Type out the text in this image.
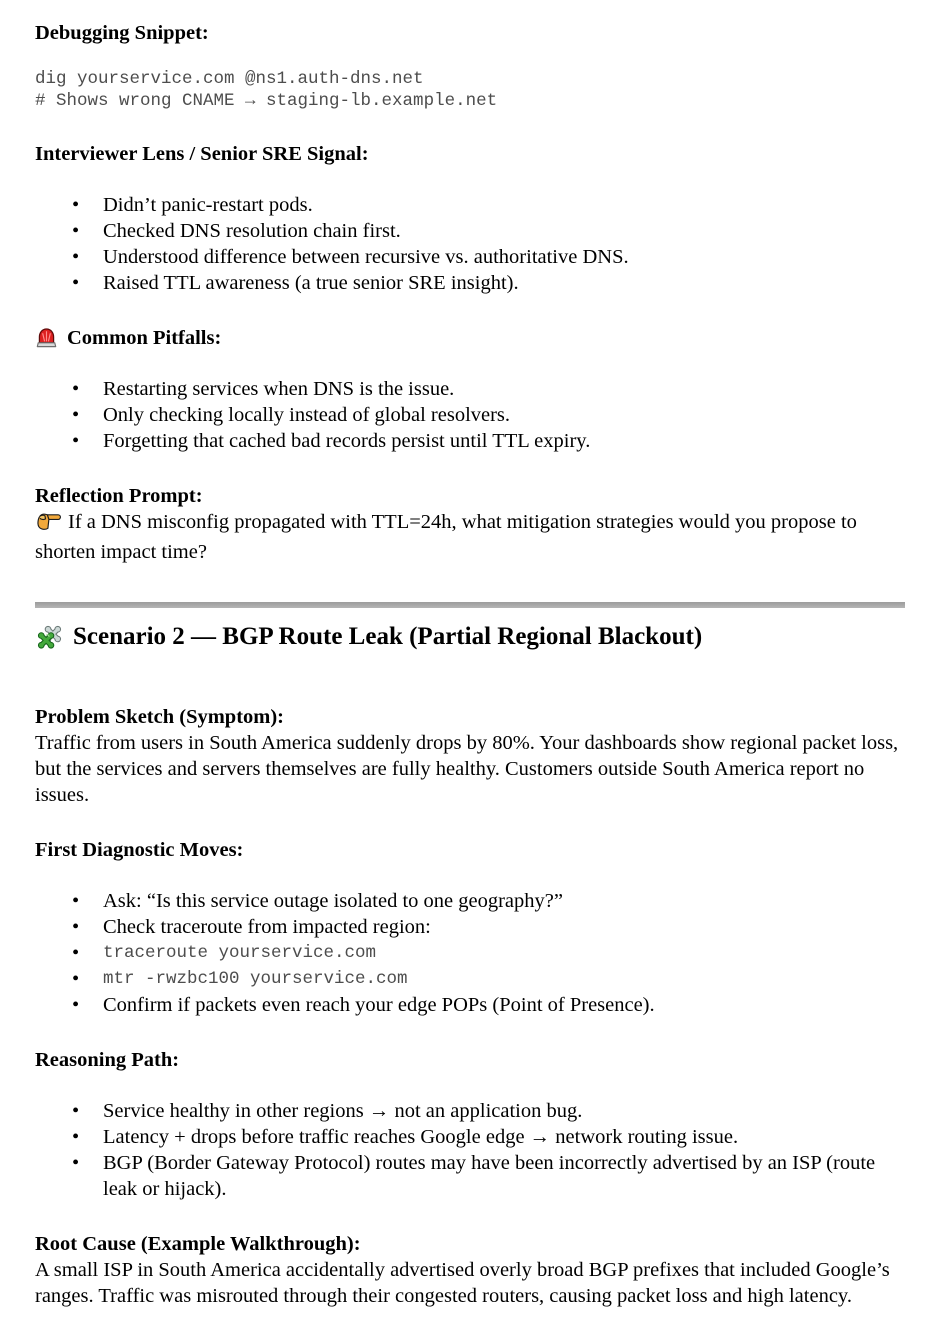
Debugging Snippet:
dig yourservice.com @ns1.auth-dns.net
# Shows wrong CNAME → staging-lb.example.net
Interviewer Lens / Senior SRE Signal:
• Didn’t panic-restart pods.
• Checked DNS resolution chain first.
• Understood difference between recursive vs. authoritative DNS.
• Raised TTL awareness (a true senior SRE insight).
Common Pitfalls:
• Restarting services when DNS is the issue.
• Only checking locally instead of global resolvers.
• Forgetting that cached bad records persist until TTL expiry.
Reflection Prompt:

If a DNS misconfig propagated with TTL=24h, what mitigation strategies would you propose to shorten impact time?

Scenario 2 — BGP Route Leak (Partial Regional Blackout)
Problem Sketch (Symptom):

Traffic from users in South America suddenly drops by 80%. Your dashboards show regional packet loss, but the services and servers themselves are fully healthy. Customers outside South America report no issues.

First Diagnostic Moves:
• Ask: “Is this service outage isolated to one geography?”
• Check traceroute from impacted region:
• traceroute yourservice.com
• mtr -rwzbc100 yourservice.com
• Confirm if packets even reach your edge POPs (Point of Presence).
Reasoning Path:
• Service healthy in other regions → not an application bug.
• Latency + drops before traffic reaches Google edge → network routing issue.
• BGP (Border Gateway Protocol) routes may have been incorrectly advertised by an ISP (route leak or hijack).
Root Cause (Example Walkthrough):

A small ISP in South America accidentally advertised overly broad BGP prefixes that included Google’s ranges. Traffic was misrouted through their congested routers, causing packet loss and high latency.
